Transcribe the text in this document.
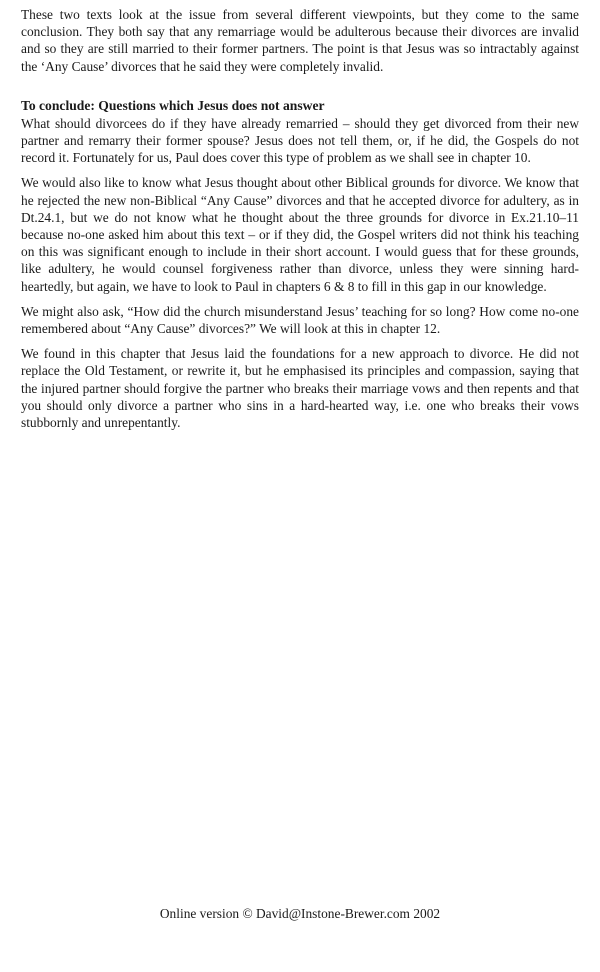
These two texts look at the issue from several different viewpoints, but they come to the same conclusion. They both say that any remarriage would be adulterous because their divorces are invalid and so they are still married to their former partners. The point is that Jesus was so intractably against the ‘Any Cause’ divorces that he said they were completely invalid.

To conclude: Questions which Jesus does not answer

What should divorcees do if they have already remarried – should they get divorced from their new partner and remarry their former spouse? Jesus does not tell them, or, if he did, the Gospels do not record it. Fortunately for us, Paul does cover this type of problem as we shall see in chapter 10.

We would also like to know what Jesus thought about other Biblical grounds for divorce. We know that he rejected the new non-Biblical “Any Cause” divorces and that he accepted divorce for adultery, as in Dt.24.1, but we do not know what he thought about the three grounds for divorce in Ex.21.10–11 because no-one asked him about this text – or if they did, the Gospel writers did not think his teaching on this was significant enough to include in their short account. I would guess that for these grounds, like adultery, he would counsel forgiveness rather than divorce, unless they were sinning hard-heartedly, but again, we have to look to Paul in chapters 6 & 8 to fill in this gap in our knowledge.

We might also ask, “How did the church misunderstand Jesus’ teaching for so long? How come no-one remembered about “Any Cause” divorces?” We will look at this in chapter 12.

We found in this chapter that Jesus laid the foundations for a new approach to divorce. He did not replace the Old Testament, or rewrite it, but he emphasised its principles and compassion, saying that the injured partner should forgive the partner who breaks their marriage vows and then repents and that you should only divorce a partner who sins in a hard-hearted way, i.e. one who breaks their vows stubbornly and unrepentantly.

Online version © David@Instone-Brewer.com 2002
